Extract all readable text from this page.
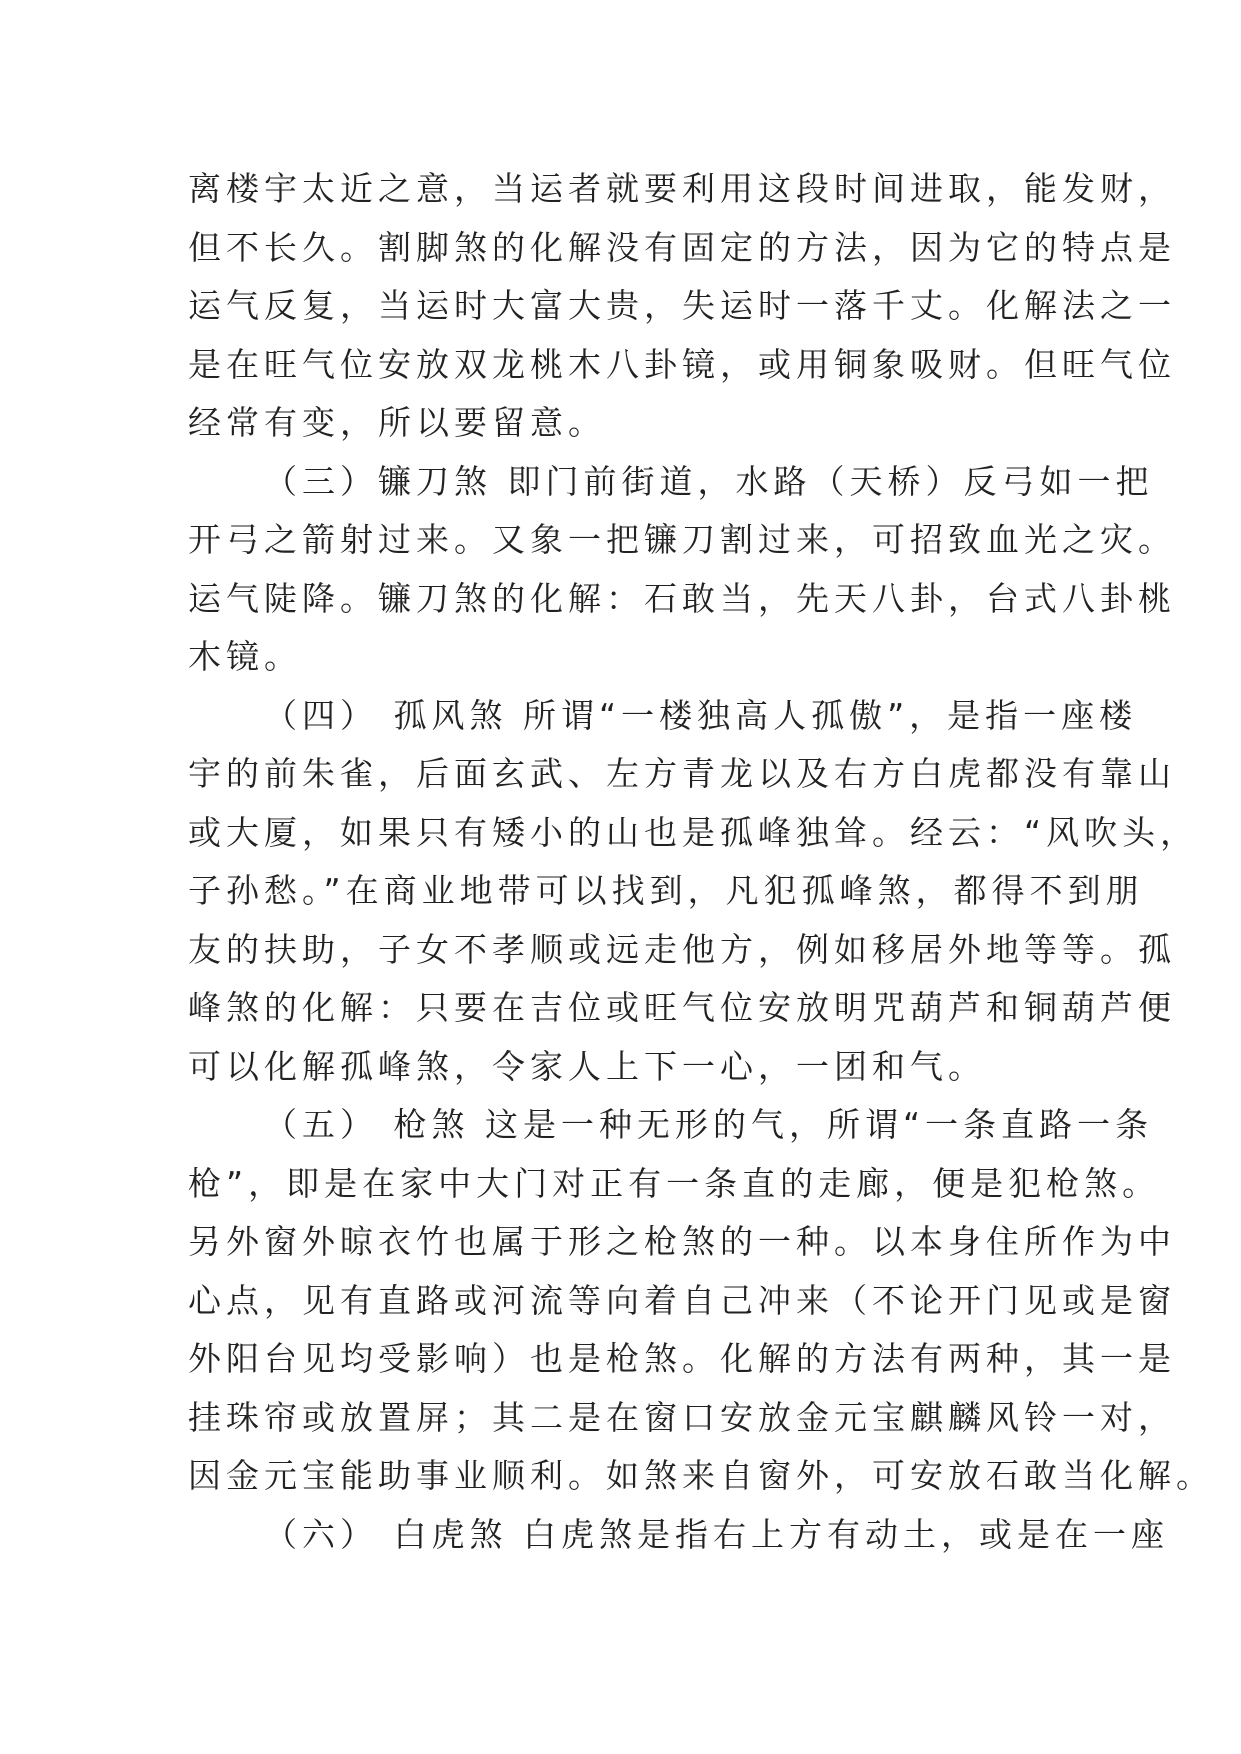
离楼宇太近之意，当运者就要利用这段时间进取，能发财，
但不长久。割脚煞的化解没有固定的方法，因为它的特点是
运气反复，当运时大富大贵，失运时一落千丈。化解法之一
是在旺气位安放双龙桃木八卦镜，或用铜象吸财。但旺气位
经常有变，所以要留意。
（三）镰刀煞 即门前街道，水路（天桥）反弓如一把
开弓之箭射过来。又象一把镰刀割过来，可招致血光之灾。
运气陡降。镰刀煞的化解：石敢当，先天八卦，台式八卦桃
木镜。
（四） 孤风煞 所谓“一楼独高人孤傲”，是指一座楼
宇的前朱雀，后面玄武、左方青龙以及右方白虎都没有靠山
或大厦，如果只有矮小的山也是孤峰独耸。经云：“风吹头，
子孙愁。”在商业地带可以找到，凡犯孤峰煞，都得不到朋
友的扶助，子女不孝顺或远走他方，例如移居外地等等。孤
峰煞的化解：只要在吉位或旺气位安放明咒葫芦和铜葫芦便
可以化解孤峰煞，令家人上下一心，一团和气。
（五） 枪煞 这是一种无形的气，所谓“一条直路一条
枪”，即是在家中大门对正有一条直的走廊，便是犯枪煞。
另外窗外晾衣竹也属于形之枪煞的一种。以本身住所作为中
心点，见有直路或河流等向着自己冲来（不论开门见或是窗
外阳台见均受影响）也是枪煞。化解的方法有两种，其一是
挂珠帘或放置屏；其二是在窗口安放金元宝麒麟风铃一对，
因金元宝能助事业顺利。如煞来自窗外，可安放石敢当化解。
（六） 白虎煞 白虎煞是指右上方有动土，或是在一座
